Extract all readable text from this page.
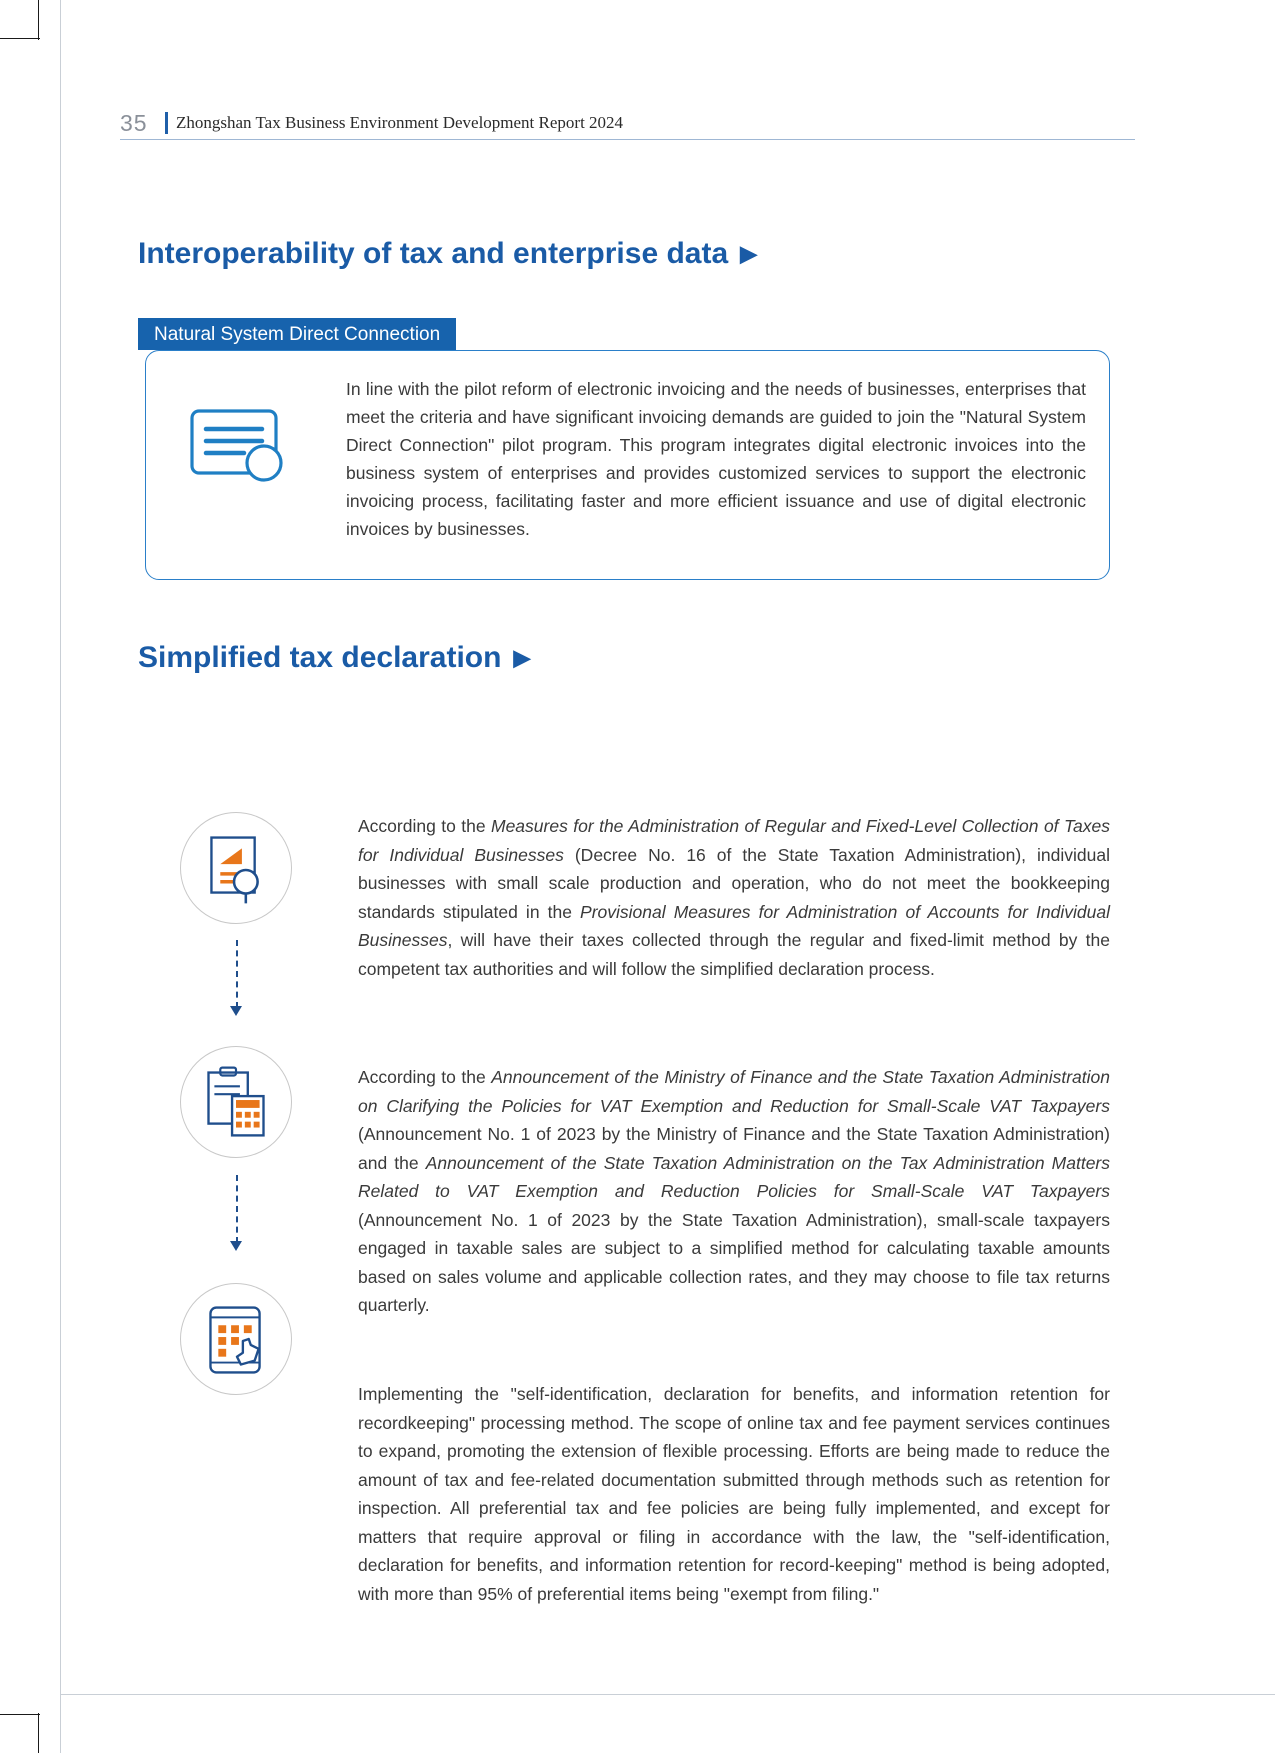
35 Zhongshan Tax Business Environment Development Report 2024
Interoperability of tax and enterprise data ▶
Natural System Direct Connection
In line with the pilot reform of electronic invoicing and the needs of businesses, enterprises that meet the criteria and have significant invoicing demands are guided to join the "Natural System Direct Connection" pilot program. This program integrates digital electronic invoices into the business system of enterprises and provides customized services to support the electronic invoicing process, facilitating faster and more efficient issuance and use of digital electronic invoices by businesses.
Simplified tax declaration ▶
According to the Measures for the Administration of Regular and Fixed-Level Collection of Taxes for Individual Businesses (Decree No. 16 of the State Taxation Administration), individual businesses with small scale production and operation, who do not meet the bookkeeping standards stipulated in the Provisional Measures for Administration of Accounts for Individual Businesses, will have their taxes collected through the regular and fixed-limit method by the competent tax authorities and will follow the simplified declaration process.
According to the Announcement of the Ministry of Finance and the State Taxation Administration on Clarifying the Policies for VAT Exemption and Reduction for Small-Scale VAT Taxpayers (Announcement No. 1 of 2023 by the Ministry of Finance and the State Taxation Administration) and the Announcement of the State Taxation Administration on the Tax Administration Matters Related to VAT Exemption and Reduction Policies for Small-Scale VAT Taxpayers (Announcement No. 1 of 2023 by the State Taxation Administration), small-scale taxpayers engaged in taxable sales are subject to a simplified method for calculating taxable amounts based on sales volume and applicable collection rates, and they may choose to file tax returns quarterly.
Implementing the "self-identification, declaration for benefits, and information retention for recordkeeping" processing method. The scope of online tax and fee payment services continues to expand, promoting the extension of flexible processing. Efforts are being made to reduce the amount of tax and fee-related documentation submitted through methods such as retention for inspection. All preferential tax and fee policies are being fully implemented, and except for matters that require approval or filing in accordance with the law, the "self-identification, declaration for benefits, and information retention for record-keeping" method is being adopted, with more than 95% of preferential items being "exempt from filing."
